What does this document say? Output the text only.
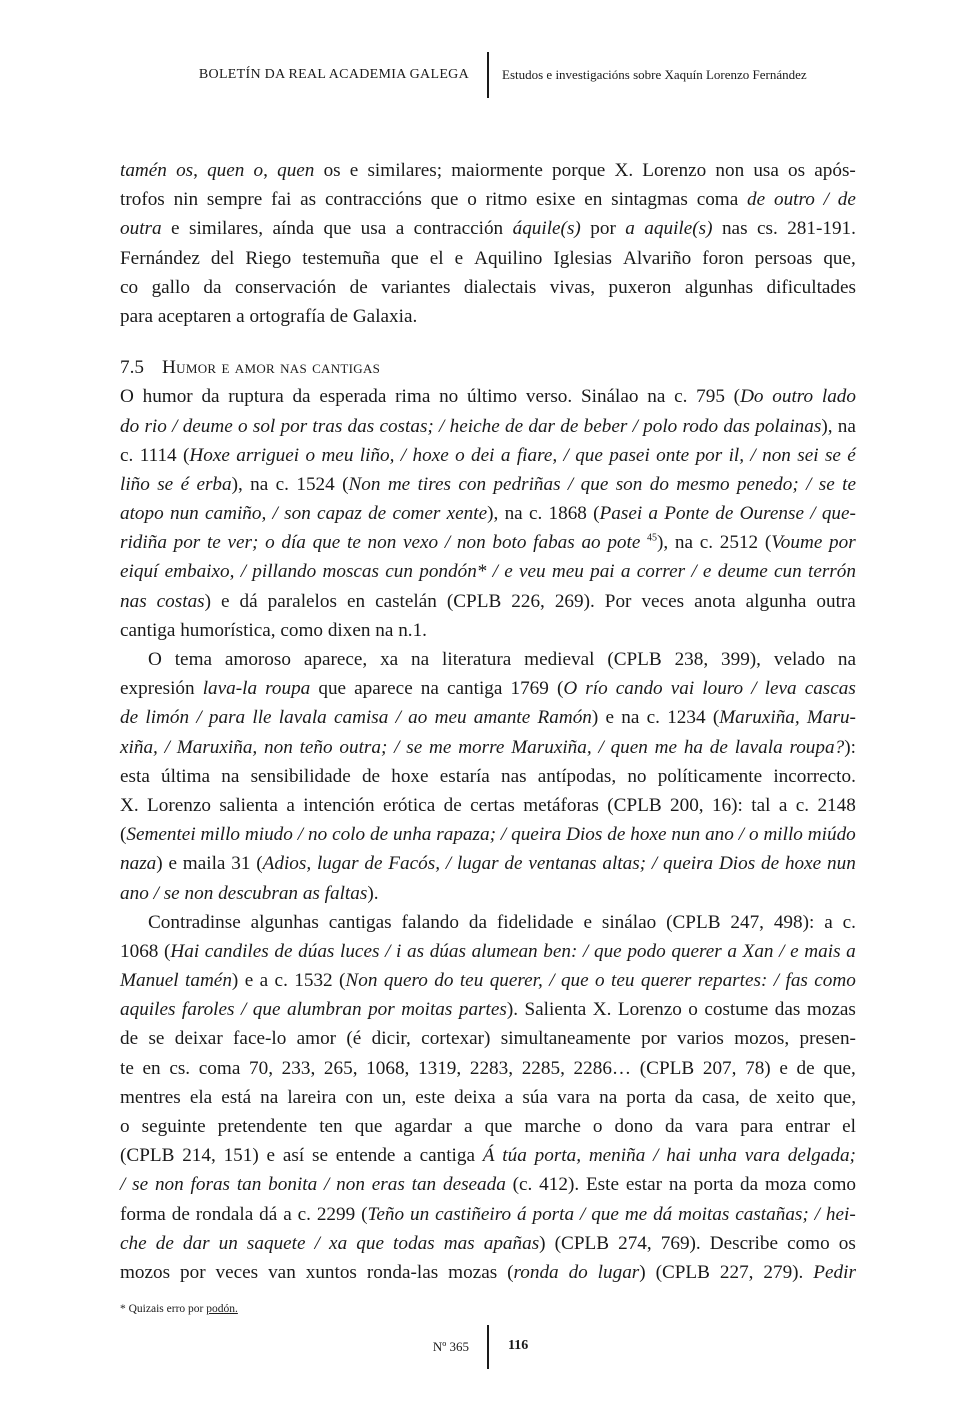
BOLETÍN DA REAL ACADEMIA GALEGA	Estudos e investigacións sobre Xaquín Lorenzo Fernández
tamén os, quen o, quen os e similares; maiormente porque X. Lorenzo non usa os após-
trofos nin sempre fai as contraccións que o ritmo esixe en sintagmas coma de outro / de
outra e similares, aínda que usa a contracción áquile(s) por a aquile(s) nas cs. 281-191.
Fernández del Riego testemuña que el e Aquilino Iglesias Alvariño foron persoas que,
co gallo da conservación de variantes dialectais vivas, puxeron algunhas dificultades
para
aceptaren
a
ortografía
de
Galaxia.
7.5 Humor e amor nas cantigas
O humor da ruptura da esperada rima no último verso. Sinálao na c. 795 (Do outro lado
do rio / deume o sol por tras das costas; / heiche de dar de beber / polo rodo das polainas), na
c. 1114 (Hoxe arriguei o meu liño, / hoxe o dei a fiare, / que pasei onte por il, / non sei se é
liño se é erba), na c. 1524 (Non me tires con pedriñas / que son do mesmo penedo; / se te
atopo nun camiño, / son capaz de comer xente), na c. 1868 (Pasei a Ponte de Ourense / que-
ridiña por te ver; o día que te non vexo / non boto fabas ao pote $^{45}$), na c. 2512 (Voume por
eiquí embaixo, / pillando moscas cun pondón* / e veu meu pai a correr / e deume cun terrón
nas costas) e dá paralelos en castelán (CPLB 226, 269). Por veces anota algunha outra
cantiga
humorística,
como
dixen
na
n.1.
O tema amoroso aparece, xa na literatura medieval (CPLB 238, 399), velado na
expresión lava-la roupa que aparece na cantiga 1769 (O río cando vai louro / leva cascas
de limón / para lle lavala camisa / ao meu amante Ramón) e na c. 1234 (Maruxiña, Maru-
xiña, / Maruxiña, non teño outra; / se me morre Maruxiña, / quen me ha de lavala roupa?):
esta última na sensibilidade de hoxe estaría nas antípodas, no políticamente incorrecto.
X. Lorenzo salienta a intención erótica de certas metáforas (CPLB 200, 16): tal a c. 2148
(Sementei millo miudo / no colo de unha rapaza; / queira Dios de hoxe nun ano / o millo miúdo
naza) e maila 31 (Adios, lugar de Facós, / lugar de ventanas altas; / queira Dios de hoxe nun
ano
/
se
non
descubran
as
faltas).
Contradinse algunhas cantigas falando da fidelidade e sinálao (CPLB 247, 498): a c.
1068 (Hai candiles de dúas luces / i as dúas alumean ben: / que podo querer a Xan / e mais a
Manuel tamén) e a c. 1532 (Non quero do teu querer, / que o teu querer repartes: / fas como
aquiles faroles / que alumbran por moitas partes). Salienta X. Lorenzo o costume das mozas
de se deixar face-lo amor (é dicir, cortexar) simultaneamente por varios mozos, presen-
te en cs. coma 70, 233, 265, 1068, 1319, 2283, 2285, 2286… (CPLB 207, 78) e de que,
mentres ela está na lareira con un, este deixa a súa vara na porta da casa, de xeito que,
o seguinte pretendente ten que agardar a que marche o dono da vara para entrar el
(CPLB 214, 151) e así se entende a cantiga Á túa porta, meniña / hai unha vara delgada;
/ se non foras tan bonita / non eras tan deseada (c. 412). Este estar na porta da moza como
forma de rondala dá a c. 2299 (Teño un castiñeiro á porta / que me dá moitas castañas; / hei-
che de dar un saquete / xa que todas mas apañas) (CPLB 274, 769). Describe como os
mozos por veces van xuntos ronda-las mozas (ronda do lugar) (CPLB 227, 279). Pedir
* Quizais erro por podón.
Nº 365	116
